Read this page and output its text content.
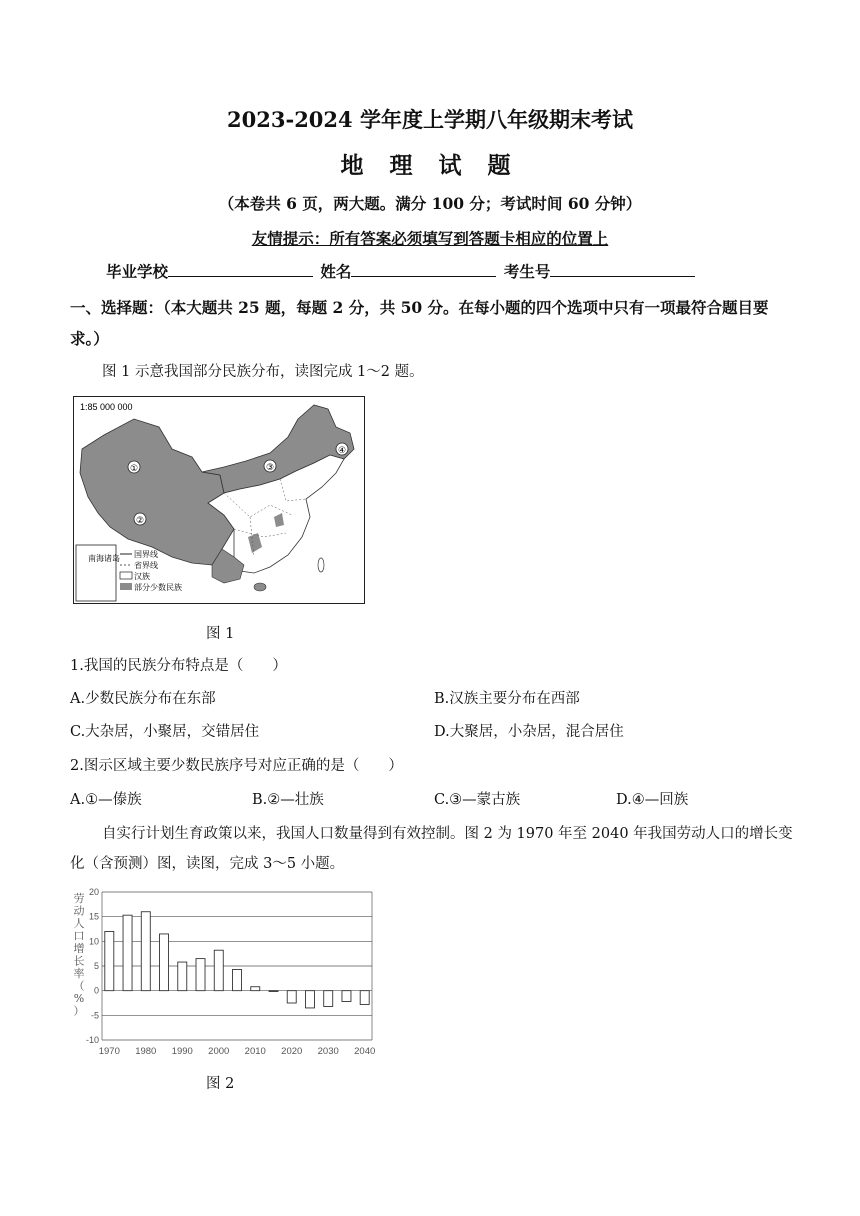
2023-2024 学年度上学期八年级期末考试
地 理 试 题
（本卷共 6 页，两大题。满分 100 分；考试时间 60 分钟）
友情提示：所有答案必须填写到答题卡相应的位置上
毕业学校	姓名	考生号
一、选择题：（本大题共 25 题，每题 2 分，共 50 分。在每小题的四个选项中只有一项最符合题目要求。）
图 1 示意我国部分民族分布，读图完成 1～2 题。
1:85 000 000
①
②
③
④
南海诸岛 国界线
省界线
汉族
部分少数民族
图 1
1.我国的民族分布特点是（　　）
A.少数民族分布在东部	B.汉族主要分布在西部
C.大杂居，小聚居，交错居住	D.大聚居，小杂居，混合居住
2.图示区域主要少数民族序号对应正确的是（　　）
A.①—傣族	B.②—壮族	C.③—蒙古族	D.④—回族
自实行计划生育政策以来，我国人口数量得到有效控制。图 2 为 1970 年至 2040 年我国劳动人口的增长变化（含预测）图，读图，完成 3～5 小题。
劳
动
人
口
增
长
率
（
%
）
1970 1980 1990 2000 2010 2020 2030 2040
20
15
10
5
0
-5
-10
图 2
